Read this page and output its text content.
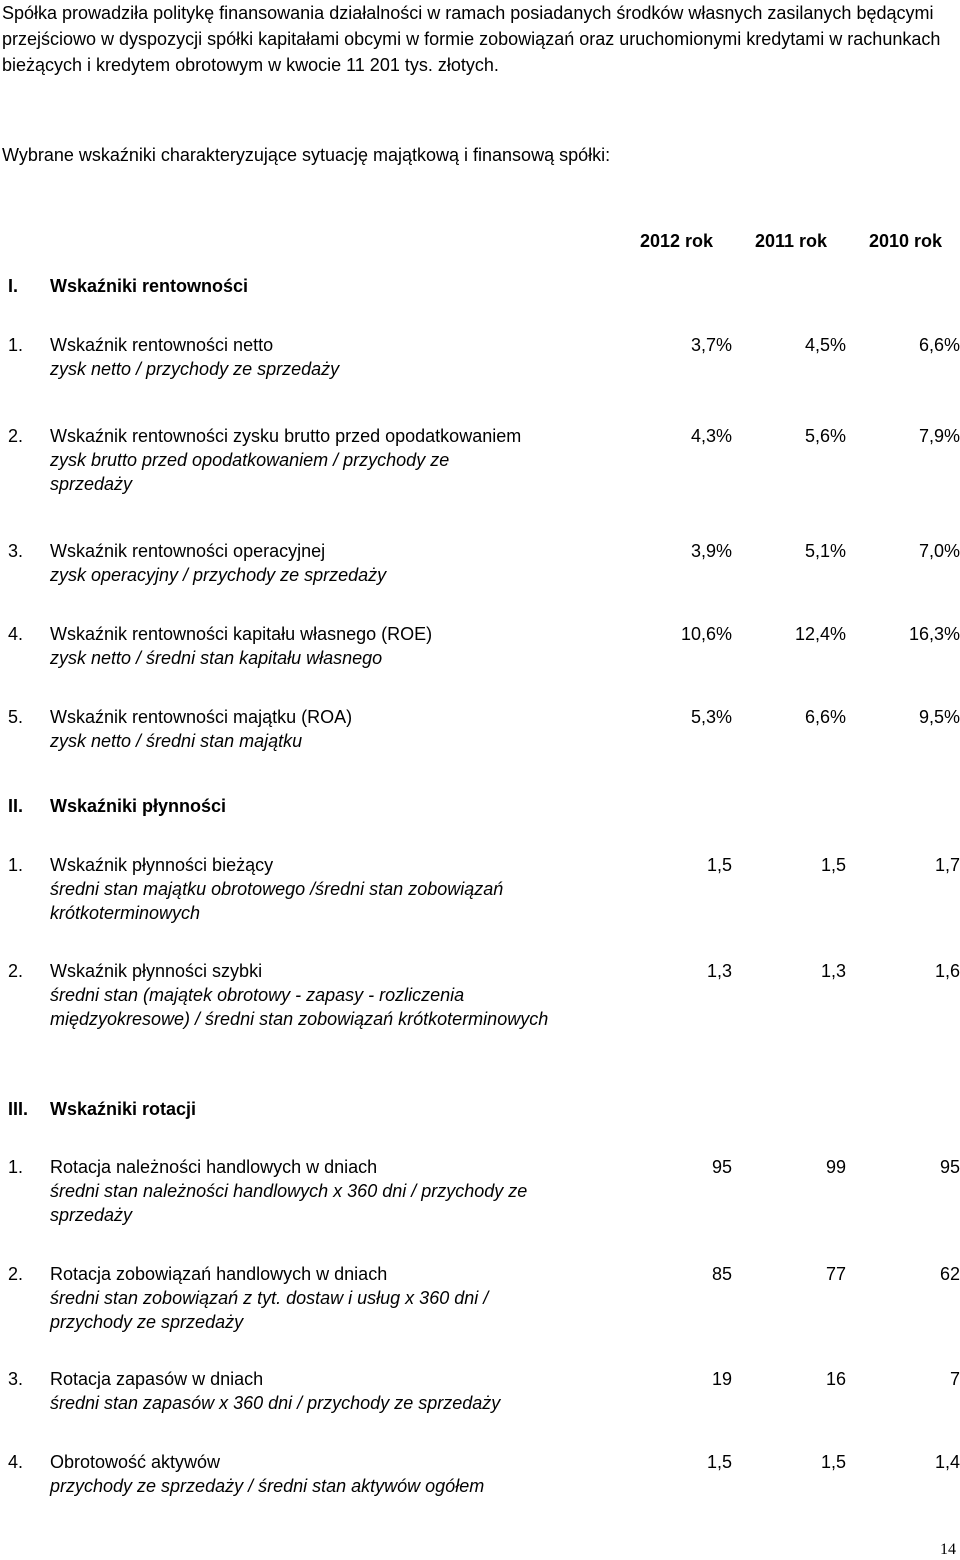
Spółka prowadziła politykę finansowania działalności w ramach posiadanych środków własnych zasilanych będącymi przejściowo w dyspozycji spółki kapitałami obcymi w formie zobowiązań oraz uruchomionymi kredytami w rachunkach bieżących i kredytem obrotowym w kwocie 11 201 tys. złotych.

Wybrane wskaźniki charakteryzujące sytuację majątkową i finansową spółki:
2012 rok 2011 rok 2010 rok
I. Wskaźniki rentowności
1. Wskaźnik rentowności netto
zysk netto / przychody ze sprzedaży
3,7%	4,5%	6,6%
2. Wskaźnik rentowności zysku brutto przed opodatkowaniem
zysk brutto przed opodatkowaniem / przychody ze sprzedaży
4,3%	5,6%	7,9%
3. Wskaźnik rentowności operacyjnej
zysk operacyjny / przychody ze sprzedaży
3,9%	5,1%	7,0%
4. Wskaźnik rentowności kapitału własnego (ROE)
zysk netto / średni stan kapitału własnego
10,6%	12,4%	16,3%
5. Wskaźnik rentowności majątku (ROA)
zysk netto / średni stan majątku
5,3%	6,6%	9,5%
II. Wskaźniki płynności
1. Wskaźnik płynności bieżący
średni stan majątku obrotowego /średni stan zobowiązań krótkoterminowych
1,5	1,5	1,7
2. Wskaźnik płynności szybki
średni stan (majątek obrotowy - zapasy - rozliczenia międzyokresowe) / średni stan zobowiązań krótkoterminowych
1,3	1,3	1,6
III. Wskaźniki rotacji
1. Rotacja należności handlowych w dniach
średni stan należności handlowych x 360 dni / przychody ze sprzedaży
95	99	95
2. Rotacja zobowiązań handlowych w dniach
średni stan zobowiązań z tyt. dostaw i usług x 360 dni / przychody ze sprzedaży
85	77	62
3. Rotacja zapasów w dniach
średni stan zapasów x 360 dni / przychody ze sprzedaży
19	16	7
4. Obrotowość aktywów
przychody ze sprzedaży / średni stan aktywów ogółem
1,5	1,5	1,4
14
